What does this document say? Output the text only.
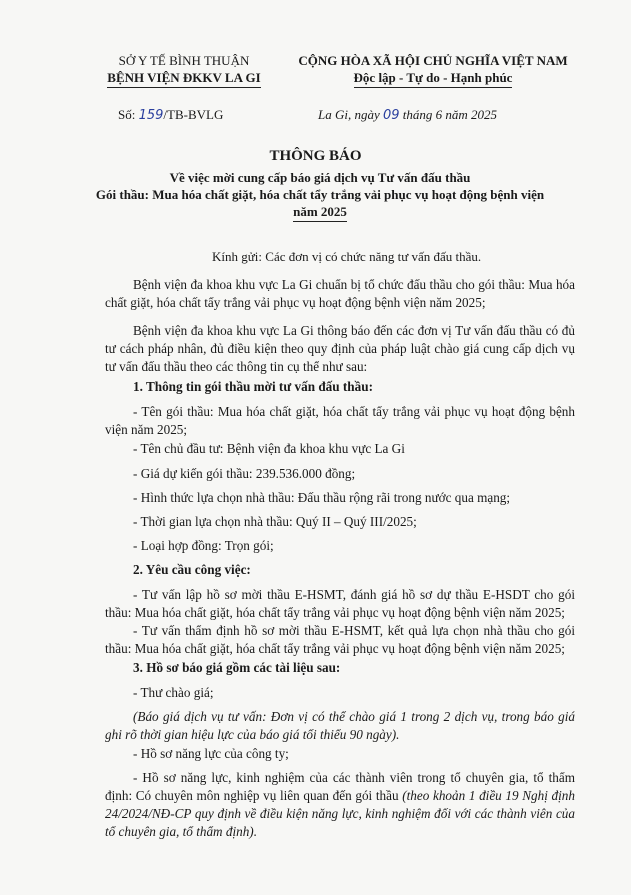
SỞ Y TẾ BÌNH THUẬN
BỆNH VIỆN ĐKKV LA GI
CỘNG HÒA XÃ HỘI CHỦ NGHĨA VIỆT NAM
Độc lập - Tự do - Hạnh phúc
Số: 159/TB-BVLG	La Gi, ngày 09 tháng 6 năm 2025
THÔNG BÁO
Về việc mời cung cấp báo giá dịch vụ Tư vấn đấu thầu
Gói thầu: Mua hóa chất giặt, hóa chất tẩy trắng vải phục vụ hoạt động bệnh viện
năm 2025
Kính gửi: Các đơn vị có chức năng tư vấn đấu thầu.
Bệnh viện đa khoa khu vực La Gi chuẩn bị tổ chức đấu thầu cho gói thầu: Mua hóa chất giặt, hóa chất tẩy trắng vải phục vụ hoạt động bệnh viện năm 2025;
Bệnh viện đa khoa khu vực La Gi thông báo đến các đơn vị Tư vấn đấu thầu có đủ tư cách pháp nhân, đủ điều kiện theo quy định của pháp luật chào giá cung cấp dịch vụ tư vấn đấu thầu theo các thông tin cụ thể như sau:
1. Thông tin gói thầu mời tư vấn đấu thầu:
- Tên gói thầu: Mua hóa chất giặt, hóa chất tẩy trắng vải phục vụ hoạt động bệnh viện năm 2025;
- Tên chủ đầu tư: Bệnh viện đa khoa khu vực La Gi
- Giá dự kiến gói thầu: 239.536.000 đồng;
- Hình thức lựa chọn nhà thầu: Đấu thầu rộng rãi trong nước qua mạng;
- Thời gian lựa chọn nhà thầu: Quý II – Quý III/2025;
- Loại hợp đồng: Trọn gói;
2. Yêu cầu công việc:
- Tư vấn lập hồ sơ mời thầu E-HSMT, đánh giá hồ sơ dự thầu E-HSDT cho gói thầu: Mua hóa chất giặt, hóa chất tẩy trắng vải phục vụ hoạt động bệnh viện năm 2025;
- Tư vấn thẩm định hồ sơ mời thầu E-HSMT, kết quả lựa chọn nhà thầu cho gói thầu: Mua hóa chất giặt, hóa chất tẩy trắng vải phục vụ hoạt động bệnh viện năm 2025;
3. Hồ sơ báo giá gồm các tài liệu sau:
- Thư chào giá;
(Báo giá dịch vụ tư vấn: Đơn vị có thể chào giá 1 trong 2 dịch vụ, trong báo giá ghi rõ thời gian hiệu lực của báo giá tối thiểu 90 ngày).
- Hồ sơ năng lực của công ty;
- Hồ sơ năng lực, kinh nghiệm của các thành viên trong tổ chuyên gia, tổ thẩm định: Có chuyên môn nghiệp vụ liên quan đến gói thầu (theo khoản 1 điều 19 Nghị định 24/2024/NĐ-CP quy định về điều kiện năng lực, kinh nghiệm đối với các thành viên của tổ chuyên gia, tổ thẩm định).
